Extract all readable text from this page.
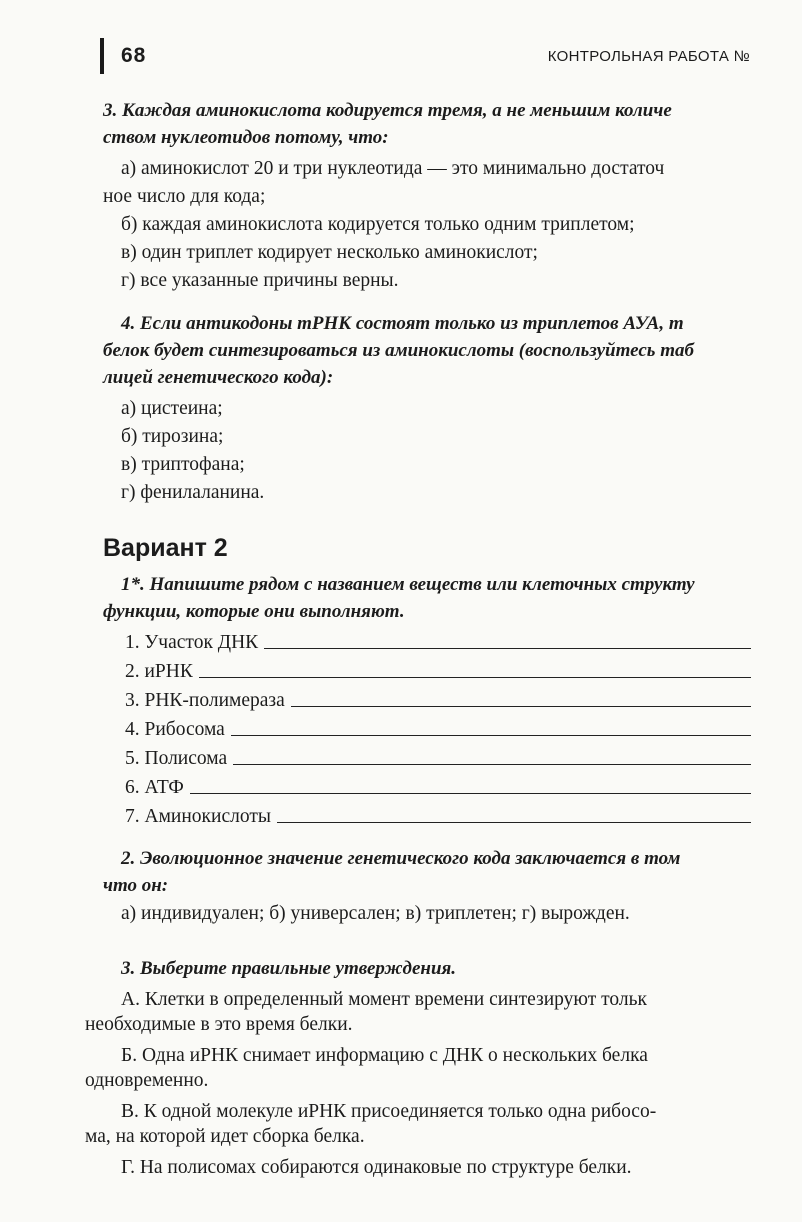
68	КОНТРОЛЬНАЯ РАБОТА №

3. Каждая аминокислота кодируется тремя, а не меньшим количе

ством нуклеотидов потому, что:

а) аминокислот 20 и три нуклеотида — это минимально достаточ

ное число для кода;

б) каждая аминокислота кодируется только одним триплетом;

в) один триплет кодирует несколько аминокислот;

г) все указанные причины верны.

4. Если антикодоны тРНК состоят только из триплетов АУА, т

белок будет синтезироваться из аминокислоты (воспользуйтесь таб

лицей генетического кода):

а) цистеина;

б) тирозина;

в) триптофана;

г) фенилаланина.

Вариант 2

1*. Напишите рядом с названием веществ или клеточных структу

функции, которые они выполняют.

1. Участок ДНК
2. иРНК
3. РНК-полимераза
4. Рибосома
5. Полисома
6. АТФ
7. Аминокислоты

2. Эволюционное значение генетического кода заключается в том

что он:

а) индивидуален; б) универсален; в) триплетен; г) вырожден.

3. Выберите правильные утверждения.

А. Клетки в определенный момент времени синтезируют тольк
необходимые в это время белки.

Б. Одна иРНК снимает информацию с ДНК о нескольких белка
одновременно.

В. К одной молекуле иРНК присоединяется только одна рибосо-
ма, на которой идет сборка белка.

Г. На полисомах собираются одинаковые по структуре белки.
